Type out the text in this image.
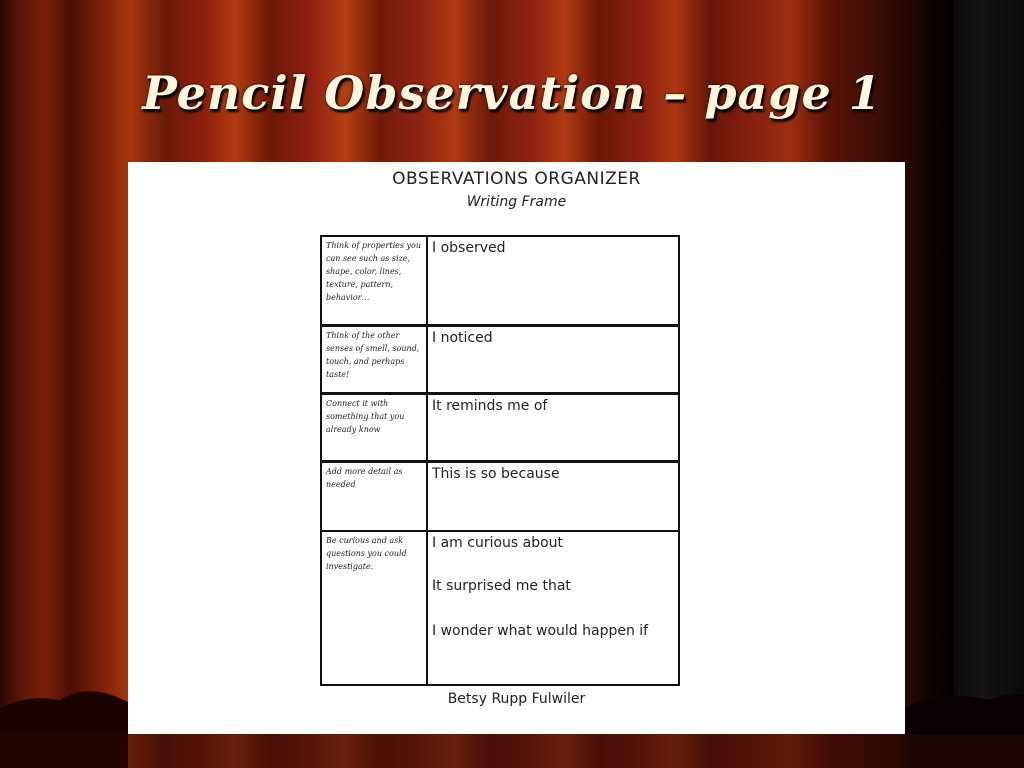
Pencil Observation – page 1
OBSERVATIONS ORGANIZER
Writing Frame
Think of properties you can see such as size, shape, color, lines, texture, pattern, behavior…
I observed
Think of the other senses of smell, sound, touch, and perhaps taste!
I noticed
Connect it with something that you already know
It reminds me of
Add more detail as needed
This is so because
Be curious and ask questions you could investigate.
I am curious about
It surprised me that
I wonder what would happen if
Betsy Rupp Fulwiler
